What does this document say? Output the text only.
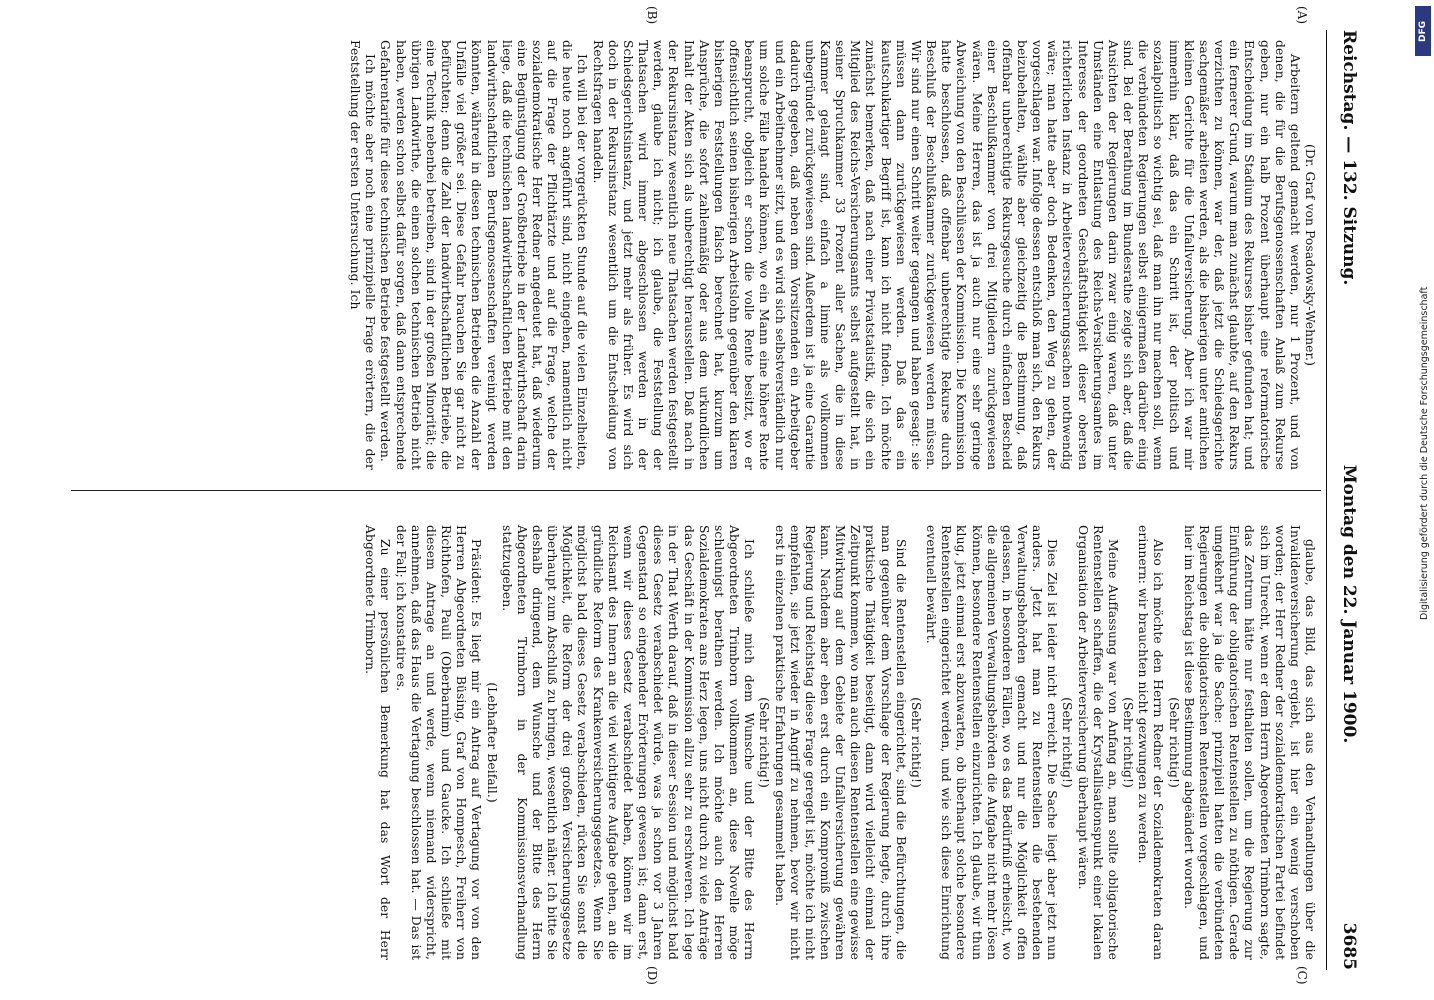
Reichstag. — 132. Sitzung.
Montag den 22. Januar 1900.
3685
(A)
(B)
(C)
(D)

(Dr. Graf von Posadowsky-Wehner.)

Arbeitern geltend gemacht werden, nur 1 Prozent, und von denen, die für die Berufsgenossenschaften Anlaß zum Rekurse geben, nur ein halb Prozent überhaupt eine reformatorische Entscheidung im Stadium des Rekurses bisher gefunden hat; und ein fernerer Grund, warum man zunächst glaubte, auf den Rekurs verzichten zu können, war der, daß jetzt die Schiedsgerichte sachgemäßer arbeiten werden, als die bisherigen unter amtlichen kleinen Gerichte für die Unfallversicherung. Aber ich war mir immerhin klar, daß das ein Schritt ist, der politisch und sozialpolitisch so wichtig sei, daß man ihn nur machen soll, wenn die verbündeten Regierungen selbst einigermaßen darüber einig sind. Bei der Berathung im Bundesrathe zeigte sich aber, daß die Ansichten der Regierungen darin zwar einig waren, daß unter Umständen eine Entlastung des Reichs-Versicherungsamtes im Interesse der geordneten Geschäftsthätigkeit dieser obersten richterlichen Instanz in Arbeiterversicherungssachen nothwendig wäre; man hatte aber doch Bedenken, den Weg zu gehen, der vorgeschlagen war. Infolge dessen entschloß man sich, den Rekurs beizubehalten, wählte aber gleichzeitig die Bestimmung, daß offenbar unberechtigte Rekursgesuche durch einfachen Bescheid einer Beschlußkammer von drei Mitgliedern zurückgewiesen wären. Meine Herren, das ist ja auch nur eine sehr geringe Abweichung von den Beschlüssen der Kommission. Die Kommission hatte beschlossen, daß offenbar unberechtigte Rekurse durch Beschluß der Beschlußkammer zurückgewiesen werden müssen. Wir sind nur einen Schritt weiter gegangen und haben gesagt: sie müssen dann zurückgewiesen werden. Daß das ein kautschukartiger Begriff ist, kann ich nicht finden. Ich möchte zunächst bemerken, daß nach einer Privatstatistik, die sich ein Mitglied des Reichs-Versicherungsamts selbst aufgestellt hat, in seiner Spruchkammer 33 Prozent aller Sachen, die in diese Kammer gelangt sind, einfach a limine als vollkommen unbegründet zurückgewiesen sind. Außerdem ist ja eine Garantie dadurch gegeben, daß neben dem Vorsitzenden ein Arbeitgeber und ein Arbeitnehmer sitzt, und es wird sich selbstverständlich nur um solche Fälle handeln können, wo ein Mann eine höhere Rente beansprucht, obgleich er schon die volle Rente besitzt, wo er offensichtlich seinen bisherigen Arbeitslohn gegenüber den klaren bisherigen Feststellungen falsch berechnet hat, kurzum um Ansprüche, die sofort zahlenmäßig oder aus dem urkundlichen Inhalt der Akten sich als unberechtigt herausstellen. Daß nach in der Rekursinstanz wesentlich neue Thatsachen werden festgestellt werden, glaube ich nicht; ich glaube, die Feststellung der Thatsachen wird immer abgeschlossen werden in der Schiedsgerichtsinstanz, und jetzt mehr als früher. Es wird sich doch in der Rekursinstanz wesentlich um die Entscheidung von Rechtsfragen handeln.

Ich will bei der vorgerückten Stunde auf die vielen Einzelheiten, die heute noch angeführt sind, nicht eingehen, namentlich nicht auf die Frage der Pflichtärzte und auf die Frage, welche der sozialdemokratische Herr Redner angedeutet hat, daß wiederum eine Begünstigung der Großbetriebe in der Landwirthschaft darin liege, daß die technischen landwirthschaftlichen Betriebe mit den landwirthschaftlichen Berufsgenossenschaften vereinigt werden könnten, während in diesen technischen Betrieben die Anzahl der Unfälle viel größer sei. Diese Gefahr brauchen Sie gar nicht zu befürchten; denn die Zahl der landwirthschaftlichen Betriebe, die eine Technik nebenbei betreiben, sind in der großen Minorität; die übrigen Landwirthe, die einen solchen technischen Betrieb nicht haben, werden schon selbst dafür sorgen, daß dann entsprechende Gefahrentarife für diese technischen Betriebe festgestellt werden.

Ich möchte aber noch eine prinzipielle Frage erörtern, die der Feststellung der ersten Untersuchung. Ich

glaube, das Bild, das sich aus den Verhandlungen über die Invalidenversicherung ergiebt, ist hier ein wenig verschoben worden; der Herr Redner der sozialdemokratischen Partei befindet sich im Unrecht, wenn er dem Herrn Abgeordneten Trimborn sagte, das Zentrum hätte nur festhalten sollen, um die Regierung zur Einführung der obligatorischen Rentenstellen zu nöthigen. Gerade umgekehrt war ja die Sache: prinzipiell hatten die verbündeten Regierungen die obligatorischen Rentenstellen vorgeschlagen, und hier im Reichstag ist diese Bestimmung abgeändert worden.

(Sehr richtig!)

Also ich möchte den Herrn Redner der Sozialdemokraten daran erinnern: wir brauchten nicht gezwungen zu werden.

(Sehr richtig!)

Meine Auffassung war von Anfang an, man sollte obligatorische Rentenstellen schaffen, die der Krystallisationspunkt einer lokalen Organisation der Arbeiterversicherung überhaupt wären.

(Sehr richtig!)

Dies Ziel ist leider nicht erreicht. Die Sache liegt aber jetzt nun anders. Jetzt hat man zu Rentenstellen die bestehenden Verwaltungsbehörden gemacht und nur die Möglichkeit offen gelassen, in besonderen Fällen, wo es das Bedürfniß erheischt, wo die allgemeinen Verwaltungsbehörden die Aufgabe nicht mehr lösen können, besondere Rentenstellen einzurichten. Ich glaube, wir thun klug, jetzt einmal erst abzuwarten, ob überhaupt solche besondere Rentenstellen eingerichtet werden, und wie sich diese Einrichtung eventuell bewährt.

(Sehr richtig!)

Sind die Rentenstellen eingerichtet, sind die Befürchtungen, die man gegenüber dem Vorschlage der Regierung hegte, durch ihre praktische Thätigkeit beseitigt, dann wird vielleicht einmal der Zeitpunkt kommen, wo man auch diesen Rentenstellen eine gewisse Mitwirkung auf dem Gebiete der Unfallversicherung gewähren kann. Nachdem aber eben erst durch ein Kompromiß zwischen Regierung und Reichstag diese Frage geregelt ist, möchte ich nicht empfehlen, sie jetzt wieder in Angriff zu nehmen, bevor wir nicht erst in einzelnen praktische Erfahrungen gesammelt haben.

(Sehr richtig!)

Ich schließe mich dem Wunsche und der Bitte des Herrn Abgeordneten Trimborn vollkommen an, diese Novelle möge schleunigst berathen werden. Ich möchte auch den Herren Sozialdemokraten ans Herz legen, uns nicht durch zu viele Anträge das Geschäft in der Kommission allzu sehr zu erschweren. Ich lege in der That Werth darauf, daß in dieser Session und möglichst bald dieses Gesetz verabschiedet würde, was ja schon vor 3 Jahren Gegenstand so eingehender Erörterungen gewesen ist; dann erst, wenn wir dieses Gesetz verabschiedet haben, können wir im Reichsamt des Innern an die viel wichtigere Aufgabe gehen, an die gründliche Reform des Krankenversicherungsgesetzes. Wenn Sie möglichst bald dieses Gesetz verabschieden, rücken Sie sonst die Möglichkeit, die Reform der drei großen Versicherungsgesetze überhaupt zum Abschluß zu bringen, wesentlich näher. Ich bitte Sie deshalb dringend, dem Wunsche und der Bitte des Herrn Abgeordneten Trimborn in der Kommissionsverhandlung stattzugeben.

(Lebhafter Beifall.)

Präsident: Es liegt mir ein Antrag auf Vertagung vor von den Herren Abgeordneten Büsing, Graf von Hompesch, Freiherr von Richthofen, Pauli (Oberbarnim) und Gaucke. Ich schließe mit diesem Antrage an und werde, wenn niemand widerspricht, annehmen, daß das Haus die Vertagung beschlossen hat. — Das ist der Fall; ich konstatire es.

Zu einer persönlichen Bemerkung hat das Wort der Herr Abgeordnete Trimborn.

DFG
Digitalisierung gefördert durch die Deutsche Forschungsgemeinschaft
